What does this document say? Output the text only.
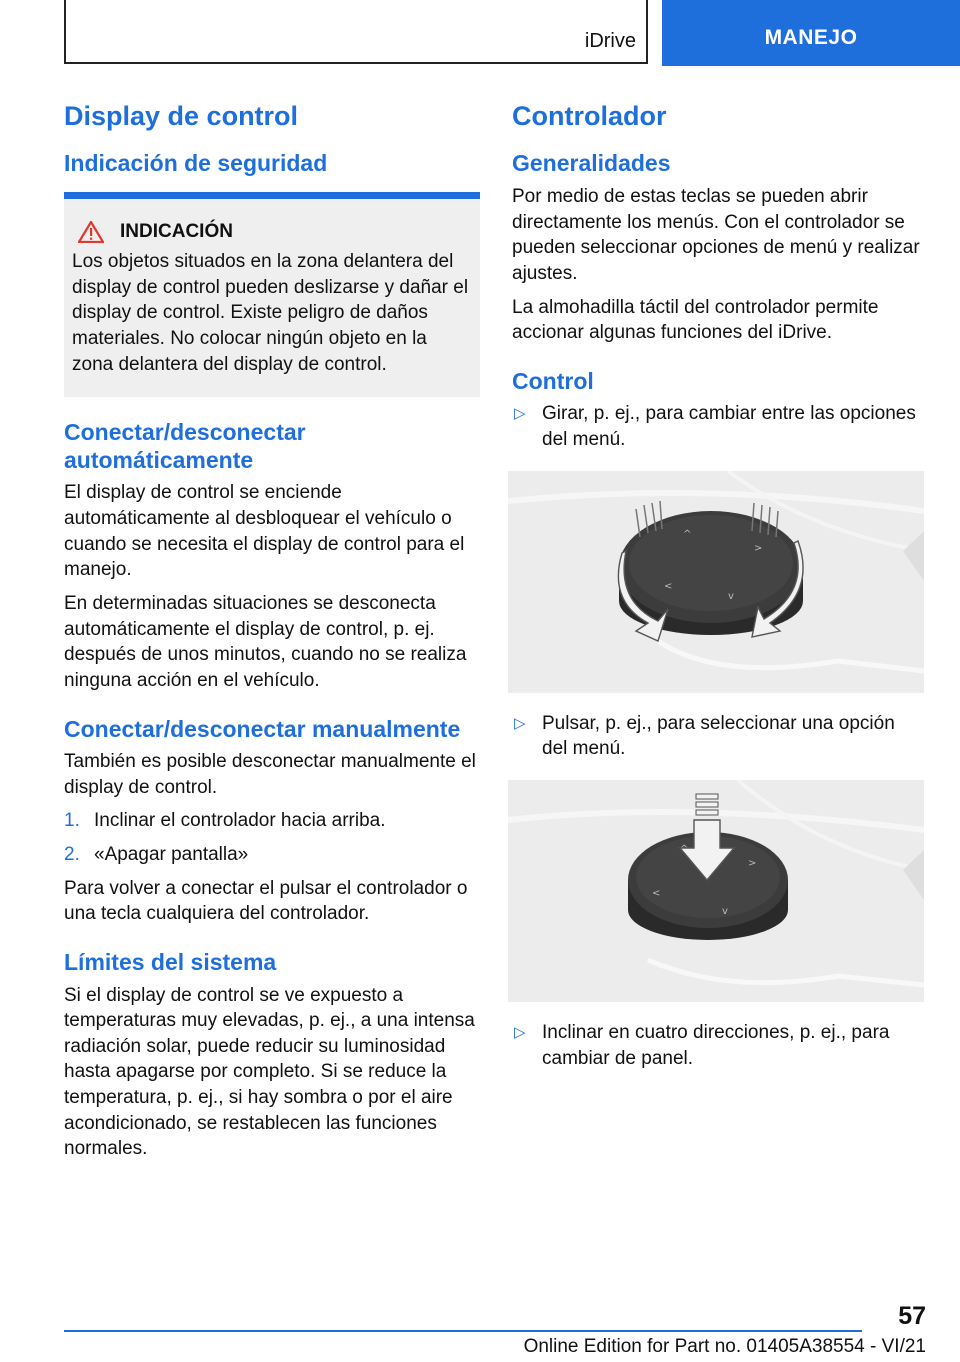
iDrive	MANEJO
Display de control
Indicación de seguridad
INDICACIÓN

Los objetos situados en la zona delantera del display de control pueden deslizarse y dañar el display de control. Existe peligro de daños materiales. No colocar ningún objeto en la zona delantera del display de control.

Conectar/desconectar automáticamente

El display de control se enciende automáticamente al desbloquear el vehículo o cuando se necesita el display de control para el manejo.

En determinadas situaciones se desconecta automáticamente el display de control, p. ej. después de unos minutos, cuando no se realiza ninguna acción en el vehículo.

Conectar/desconectar manualmente

También es posible desconectar manualmente el display de control.

1. Inclinar el controlador hacia arriba.
2. «Apagar pantalla»

Para volver a conectar el pulsar el controlador o una tecla cualquiera del controlador.

Límites del sistema

Si el display de control se ve expuesto a temperaturas muy elevadas, p. ej., a una intensa radiación solar, puede reducir su luminosidad hasta apagarse por completo. Si se reduce la temperatura, p. ej., si hay sombra o por el aire acondicionado, se restablecen las funciones normales.

Controlador
Generalidades

Por medio de estas teclas se pueden abrir directamente los menús. Con el controlador se pueden seleccionar opciones de menú y realizar ajustes.

La almohadilla táctil del controlador permite accionar algunas funciones del iDrive.

Control
▷ Girar, p. ej., para cambiar entre las opciones del menú.
^
>
<
v
▷ Pulsar, p. ej., para seleccionar una opción del menú.
>
<
v
▷ Inclinar en cuatro direcciones, p. ej., para cambiar de panel.
57
Online Edition for Part no. 01405A38554 - VI/21
